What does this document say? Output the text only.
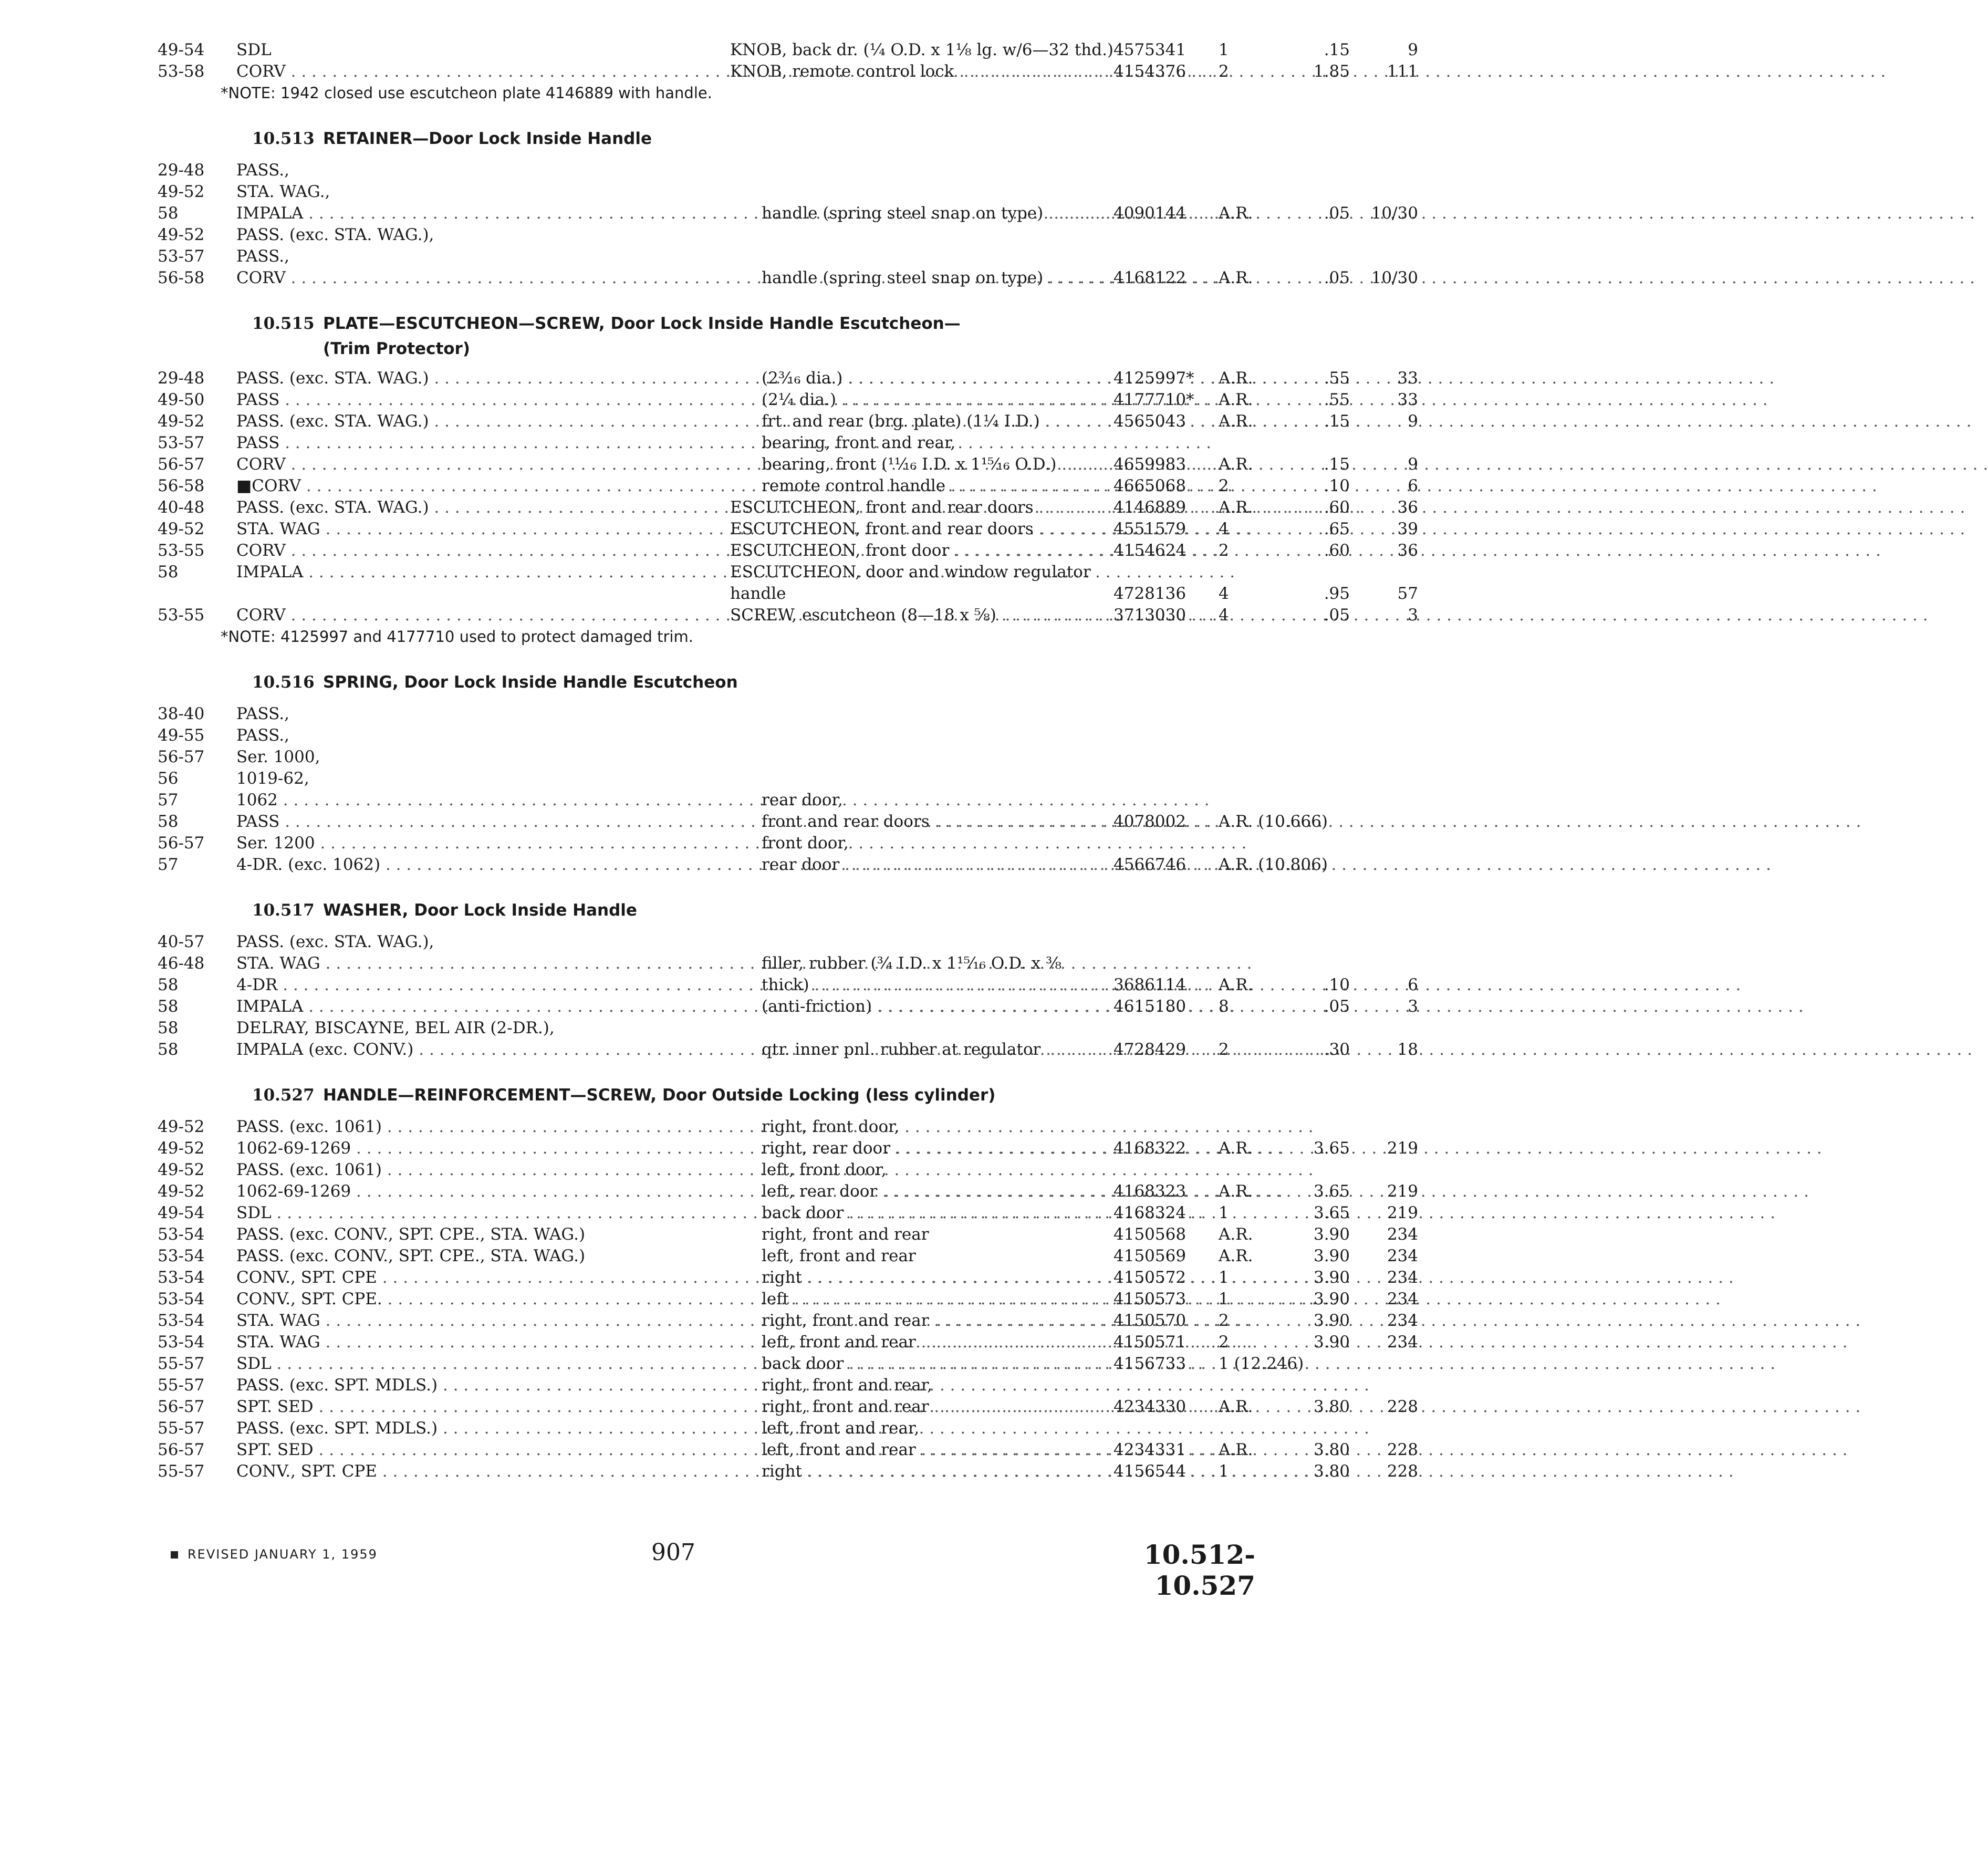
49-54 SDL	KNOB, back dr. (¼ O.D. x 1⅛ lg. w/6—32 thd.) 4575341 1	.15	9
53-58 CORV . . .	KNOB, remote control lock . . .	4154376 2	1.85	111
*NOTE: 1942 closed use escutcheon plate 4146889 with handle.
10.513 RETAINER—Door Lock Inside Handle
29-48 PASS.,
49-52 STA. WAG.,
58	IMPALA . . .	handle (spring steel snap on type) . . .	4090144 A.R.	.05	10/30
49-52 PASS. (exc. STA. WAG.),
53-57 PASS.,
56-58 CORV . . .	handle (spring steel snap on type) . . .	4168122 A.R.	.05	10/30
10.515 PLATE—ESCUTCHEON—SCREW, Door Lock Inside Handle Escutcheon—
(Trim Protector)
29-48 PASS. (exc. STA. WAG.) . . .	(2³⁄₁₆ dia.) . . .	4125997* A.R.	.55	33
49-50 PASS . . .	(2¼ dia.) . . .	4177710* A.R.	.55	33
49-52 PASS. (exc. STA. WAG.) . . .	frt. and rear (brg. plate) (1¼ I.D.) . . .	4565043 A.R.	.15	9
53-57 PASS . . .	bearing, front and rear,
56-57 CORV . . .	bearing, front (¹¹⁄₁₆ I.D. x 1¹⁵⁄₁₆ O.D.) . . .	4659983 A.R.	.15	9
56-58 ■CORV . . .	remote control handle . . .	4665068 2	.10	6
40-48 PASS. (exc. STA. WAG.) . . .	ESCUTCHEON, front and rear doors . . .	4146889 A.R.	.60	36
49-52 STA. WAG . . .	ESCUTCHEON, front and rear doors . . .	4551579 4	.65	39
53-55 CORV . . .	ESCUTCHEON, front door . . .	4154624 2	.60	36
58	IMPALA . . .	ESCUTCHEON, door and window regulator
handle	4728136 4	.95	57
53-55 CORV . . .	SCREW, escutcheon (8—18 x ⅝) . . .	3713030 4	.05	3
*NOTE: 4125997 and 4177710 used to protect damaged trim.
10.516 SPRING, Door Lock Inside Handle Escutcheon
38-40 PASS.,
49-55 PASS.,
56-57 Ser. 1000,
56	1019-62,
57	1062 . . .	rear door,
58	PASS . . .	front and rear doors . . .	4078002 A.R. (10.666)
56-57 Ser. 1200 . . .	front door,
57	4-DR. (exc. 1062) . . .	rear door . . .	4566746 A.R. (10.806)
10.517 WASHER, Door Lock Inside Handle
40-57 PASS. (exc. STA. WAG.),
46-48 STA. WAG . . .	filler, rubber (¾ I.D. x 1¹⁵⁄₁₆ O.D. x ⅜
58	4-DR . . .	thick) . . .	3686114 A.R.	.10	6
58	IMPALA . . .	(anti-friction) . . .	4615180 8	.05	3
58	DELRAY, BISCAYNE, BEL AIR (2-DR.),
58	IMPALA (exc. CONV.) . . .	qtr. inner pnl. rubber at regulator . . .	4728429 2	.30	18
10.527 HANDLE—REINFORCEMENT—SCREW, Door Outside Locking (less cylinder)
49-52 PASS. (exc. 1061) . . .	right, front door,
49-52 1062-69-1269 . . .	right, rear door . . .	4168322 A.R.	3.65	219
49-52 PASS. (exc. 1061) . . .	left, front door,
49-52 1062-69-1269 . . .	left, rear door . . .	4168323 A.R.	3.65	219
49-54 SDL . . .	back door . . .	4168324 1	3.65	219
53-54 PASS. (exc. CONV., SPT. CPE., STA. WAG.)	right, front and rear	4150568 A.R.	3.90	234
53-54 PASS. (exc. CONV., SPT. CPE., STA. WAG.)	left, front and rear	4150569 A.R.	3.90	234
53-54 CONV., SPT. CPE . . .	right . . .	4150572 1	3.90	234
53-54 CONV., SPT. CPE. . . .	left . . .	4150573 1	3.90	234
53-54 STA. WAG . . .	right, front and rear . . .	4150570 2	3.90	234
53-54 STA. WAG . . .	left, front and rear . . .	4150571 2	3.90	234
55-57 SDL . . .	back door . . .	4156733 1 (12.246)
55-57 PASS. (exc. SPT. MDLS.) . . .	right, front and rear,
56-57 SPT. SED . . .	right, front and rear . . .	4234330 A.R.	3.80	228
55-57 PASS. (exc. SPT. MDLS.) . . .	left, front and rear,
56-57 SPT. SED . . .	left, front and rear . . .	4234331 A.R.	3.80	228
55-57 CONV., SPT. CPE . . .	right . . .	4156544 1	3.80	228
REVISED JANUARY 1, 1959	907	10.512-10.527
